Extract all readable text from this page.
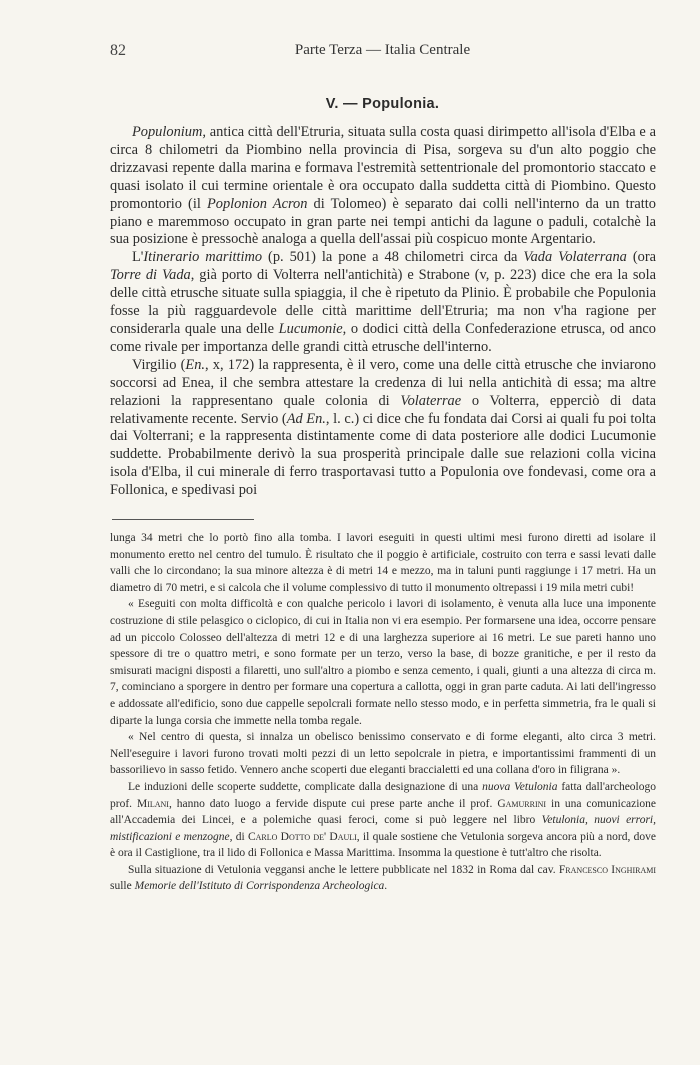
82	Parte Terza — Italia Centrale
V. — Populonia.

Populonium, antica città dell'Etruria, situata sulla costa quasi dirimpetto all'isola d'Elba e a circa 8 chilometri da Piombino nella provincia di Pisa, sorgeva su d'un alto poggio che drizzavasi repente dalla marina e formava l'estremità settentrionale del promontorio staccato e quasi isolato il cui termine orientale è ora occupato dalla suddetta città di Piombino. Questo promontorio (il Poplonion Acron di Tolomeo) è separato dai colli nell'interno da un tratto piano e maremmoso occupato in gran parte nei tempi antichi da lagune o paduli, cotalchè la sua posizione è pressochè analoga a quella dell'assai più cospicuo monte Argentario.

L'Itinerario marittimo (p. 501) la pone a 48 chilometri circa da Vada Volaterrana (ora Torre di Vada, già porto di Volterra nell'antichità) e Strabone (v, p. 223) dice che era la sola delle città etrusche situate sulla spiaggia, il che è ripetuto da Plinio. È probabile che Populonia fosse la più ragguardevole delle città marittime dell'Etruria; ma non v'ha ragione per considerarla quale una delle Lucumonie, o dodici città della Confederazione etrusca, od anco come rivale per importanza delle grandi città etrusche dell'interno.

Virgilio (En., x, 172) la rappresenta, è il vero, come una delle città etrusche che inviarono soccorsi ad Enea, il che sembra attestare la credenza di lui nella antichità di essa; ma altre relazioni la rappresentano quale colonia di Volaterrae o Volterra, epperciò di data relativamente recente. Servio (Ad En., l. c.) ci dice che fu fondata dai Corsi ai quali fu poi tolta dai Volterrani; e la rappresenta distintamente come di data posteriore alle dodici Lucumonie suddette. Probabilmente derivò la sua prosperità principale dalle sue relazioni colla vicina isola d'Elba, il cui minerale di ferro trasportavasi tutto a Populonia ove fondevasi, come ora a Follonica, e spedivasi poi

lunga 34 metri che lo portò fino alla tomba. I lavori eseguiti in questi ultimi mesi furono diretti ad isolare il monumento eretto nel centro del tumulo. È risultato che il poggio è artificiale, costruito con terra e sassi levati dalle valli che lo circondano; la sua minore altezza è di metri 14 e mezzo, ma in taluni punti raggiunge i 17 metri. Ha un diametro di 70 metri, e si calcola che il volume complessivo di tutto il monumento oltrepassi i 19 mila metri cubi!

« Eseguiti con molta difficoltà e con qualche pericolo i lavori di isolamento, è venuta alla luce una imponente costruzione di stile pelasgico o ciclopico, di cui in Italia non vi era esempio. Per formarsene una idea, occorre pensare ad un piccolo Colosseo dell'altezza di metri 12 e di una larghezza superiore ai 16 metri. Le sue pareti hanno uno spessore di tre o quattro metri, e sono formate per un terzo, verso la base, di bozze granitiche, e per il resto da smisurati macigni disposti a filaretti, uno sull'altro a piombo e senza cemento, i quali, giunti a una altezza di circa m. 7, cominciano a sporgere in dentro per formare una copertura a callotta, oggi in gran parte caduta. Ai lati dell'ingresso e addossate all'edificio, sono due cappelle sepolcrali formate nello stesso modo, e in perfetta simmetria, fra le quali si diparte la lunga corsia che immette nella tomba regale.

« Nel centro di questa, si innalza un obelisco benissimo conservato e di forme eleganti, alto circa 3 metri. Nell'eseguire i lavori furono trovati molti pezzi di un letto sepolcrale in pietra, e importantissimi frammenti di un bassorilievo in sasso fetido. Vennero anche scoperti due eleganti braccialetti ed una collana d'oro in filigrana ».

Le induzioni delle scoperte suddette, complicate dalla designazione di una nuova Vetulonia fatta dall'archeologo prof. Milani, hanno dato luogo a fervide dispute cui prese parte anche il prof. Gamurrini in una comunicazione all'Accademia dei Lincei, e a polemiche quasi feroci, come si può leggere nel libro Vetulonia, nuovi errori, mistificazioni e menzogne, di Carlo Dotto de' Dauli, il quale sostiene che Vetulonia sorgeva ancora più a nord, dove è ora il Castiglione, tra il lido di Follonica e Massa Marittima. Insomma la questione è tutt'altro che risolta.

Sulla situazione di Vetulonia veggansi anche le lettere pubblicate nel 1832 in Roma dal cav. Francesco Inghirami sulle Memorie dell'Istituto di Corrispondenza Archeologica.
